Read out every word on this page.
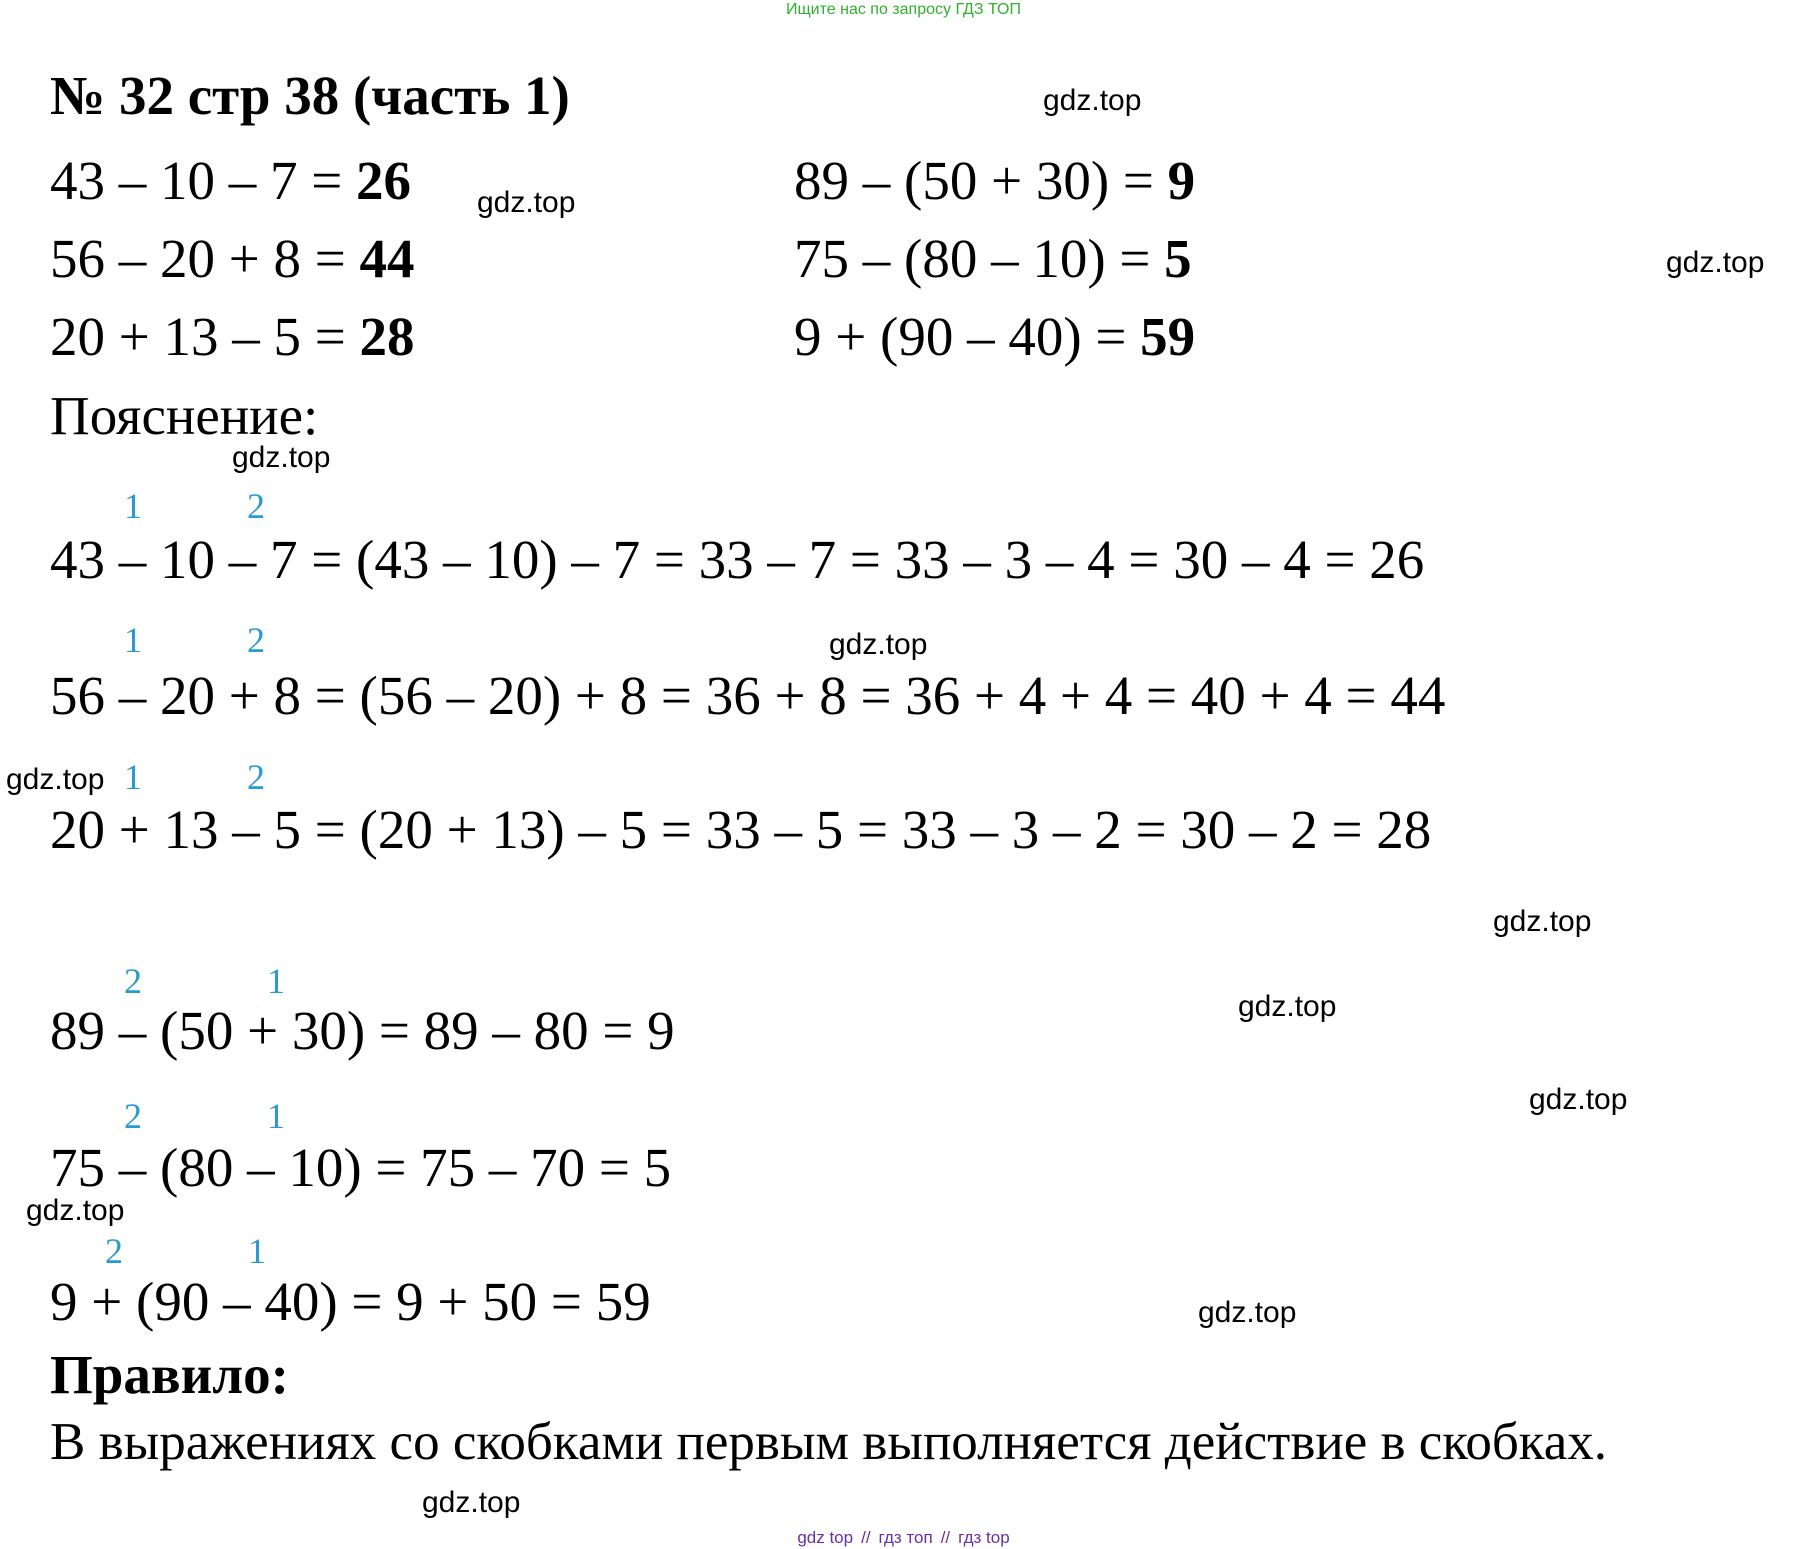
Ищите нас по запросу ГДЗ ТОП
№ 32 стр 38 (часть 1)
43 – 10 – 7 = 26
56 – 20 + 8 = 44
20 + 13 – 5 = 28
89 – (50 + 30) = 9
75 – (80 – 10) = 5
9 + (90 – 40) = 59
Пояснение:
1	2
43 – 10 – 7 = (43 – 10) – 7 = 33 – 7 = 33 – 3 – 4 = 30 – 4 = 26
1	2
56 – 20 + 8 = (56 – 20) + 8 = 36 + 8 = 36 + 4 + 4 = 40 + 4 = 44
1	2
20 + 13 – 5 = (20 + 13) – 5 = 33 – 5 = 33 – 3 – 2 = 30 – 2 = 28
2	1
89 – (50 + 30) = 89 – 80 = 9
2	1
75 – (80 – 10) = 75 – 70 = 5
2	1
9 + (90 – 40) = 9 + 50 = 59
Правило:
В выражениях со скобками первым выполняется действие в скобках.
gdz.top
gdz.top
gdz.top
gdz.top
gdz.top
gdz.top
gdz.top
gdz.top
gdz.top
gdz.top
gdz.top
gdz.top
gdz top // гдз топ // гдз top
